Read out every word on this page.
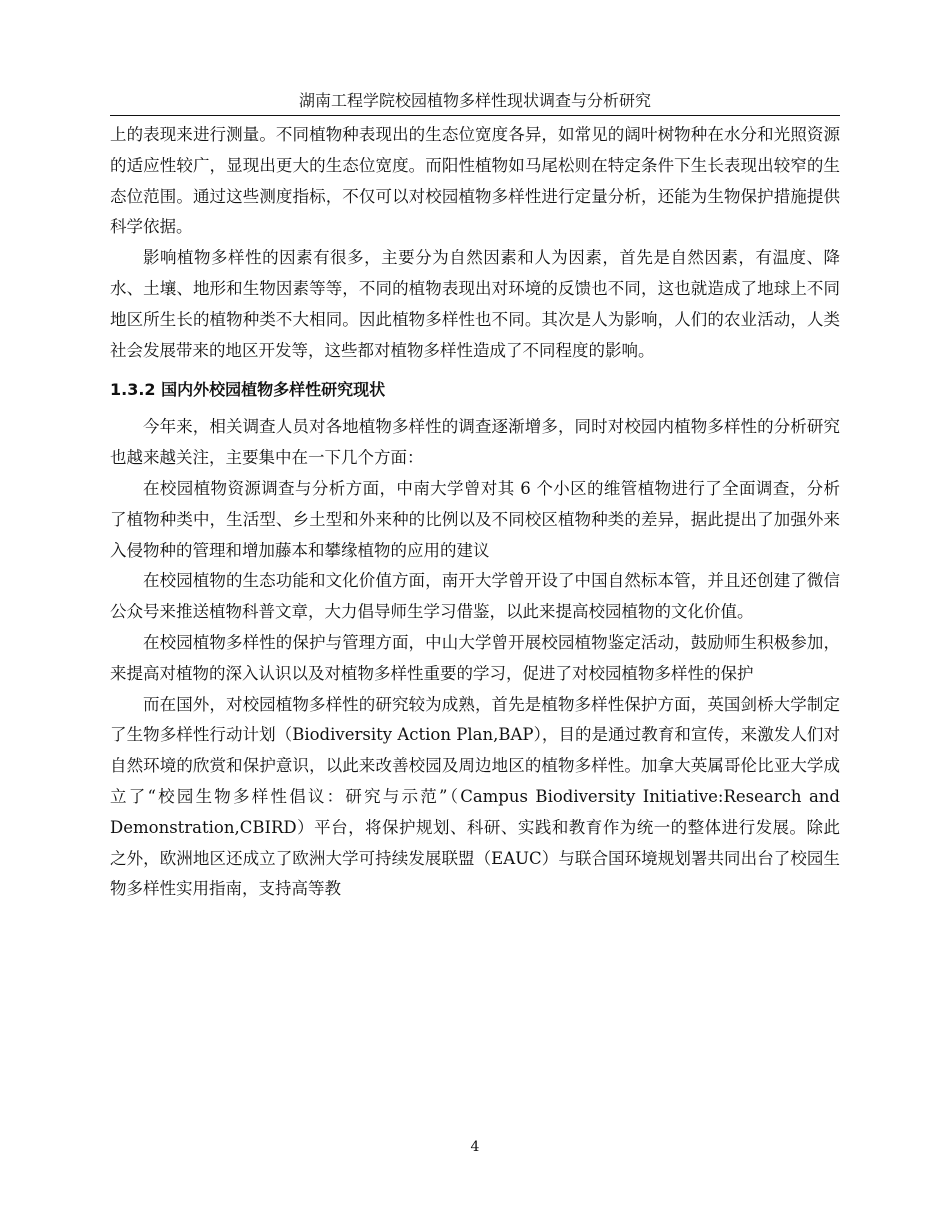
湖南工程学院校园植物多样性现状调查与分析研究

上的表现来进行测量。不同植物种表现出的生态位宽度各异，如常见的阔叶树物种在水分和光照资源的适应性较广，显现出更大的生态位宽度。而阳性植物如马尾松则在特定条件下生长表现出较窄的生态位范围。通过这些测度指标，不仅可以对校园植物多样性进行定量分析，还能为生物保护措施提供科学依据。

影响植物多样性的因素有很多，主要分为自然因素和人为因素，首先是自然因素，有温度、降水、土壤、地形和生物因素等等，不同的植物表现出对环境的反馈也不同，这也就造成了地球上不同地区所生长的植物种类不大相同。因此植物多样性也不同。其次是人为影响，人们的农业活动，人类社会发展带来的地区开发等，这些都对植物多样性造成了不同程度的影响。

1.3.2 国内外校园植物多样性研究现状

今年来，相关调查人员对各地植物多样性的调查逐渐增多，同时对校园内植物多样性的分析研究也越来越关注，主要集中在一下几个方面：

在校园植物资源调查与分析方面，中南大学曾对其 6 个小区的维管植物进行了全面调查，分析了植物种类中，生活型、乡土型和外来种的比例以及不同校区植物种类的差异，据此提出了加强外来入侵物种的管理和增加藤本和攀缘植物的应用的建议

在校园植物的生态功能和文化价值方面，南开大学曾开设了中国自然标本管，并且还创建了微信公众号来推送植物科普文章，大力倡导师生学习借鉴，以此来提高校园植物的文化价值。

在校园植物多样性的保护与管理方面，中山大学曾开展校园植物鉴定活动，鼓励师生积极参加，来提高对植物的深入认识以及对植物多样性重要的学习，促进了对校园植物多样性的保护

而在国外，对校园植物多样性的研究较为成熟，首先是植物多样性保护方面，英国剑桥大学制定了生物多样性行动计划（Biodiversity Action Plan,BAP），目的是通过教育和宣传，来激发人们对自然环境的欣赏和保护意识，以此来改善校园及周边地区的植物多样性。加拿大英属哥伦比亚大学成立了“校园生物多样性倡议：研究与示范”（Campus Biodiversity Initiative:Research and Demonstration,CBIRD）平台，将保护规划、科研、实践和教育作为统一的整体进行发展。除此之外，欧洲地区还成立了欧洲大学可持续发展联盟（EAUC）与联合国环境规划署共同出台了校园生物多样性实用指南，支持高等教

4
